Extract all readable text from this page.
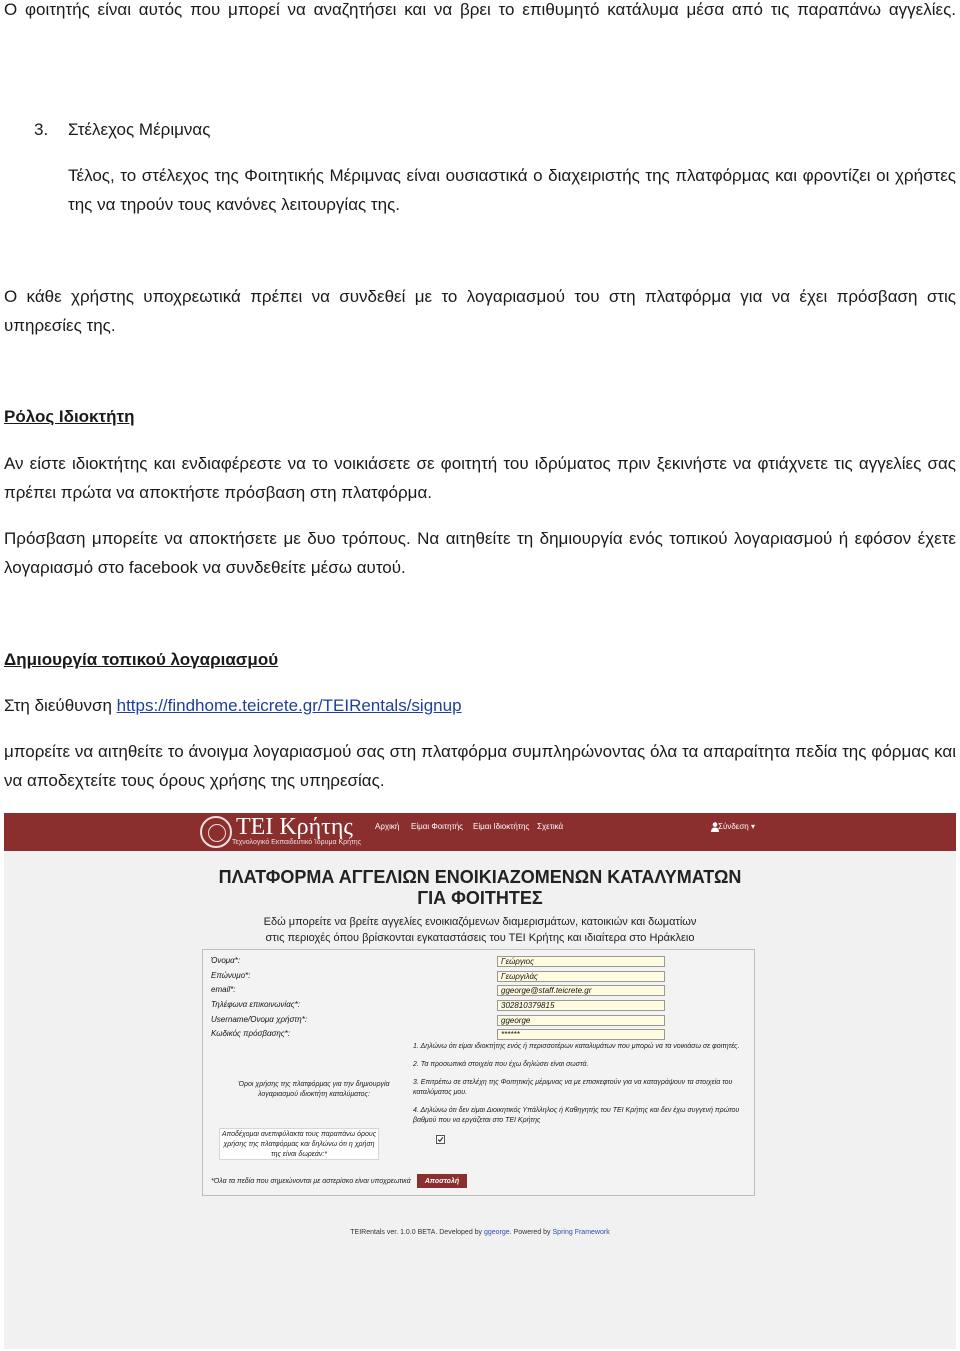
Ο φοιτητής είναι αυτός που μπορεί να αναζητήσει και να βρει το επιθυμητό κατάλυμα μέσα από τις παραπάνω αγγελίες.

3. Στέλεχος Μέριμνας

Τέλος, το στέλεχος της Φοιτητικής Μέριμνας είναι ουσιαστικά ο διαχειριστής της πλατφόρμας και φροντίζει οι χρήστες της να τηρούν τους κανόνες λειτουργίας της.

Ο κάθε χρήστης υποχρεωτικά πρέπει να συνδεθεί με το λογαριασμού του στη πλατφόρμα για να έχει πρόσβαση στις υπηρεσίες της.

Ρόλος Ιδιοκτήτη

Αν είστε ιδιοκτήτης και ενδιαφέρεστε να το νοικιάσετε σε φοιτητή του ιδρύματος πριν ξεκινήστε να φτιάχνετε τις αγγελίες σας πρέπει πρώτα να αποκτήστε πρόσβαση στη πλατφόρμα.

Πρόσβαση μπορείτε να αποκτήσετε με δυο τρόπους. Να αιτηθείτε τη δημιουργία ενός τοπικού λογαριασμού ή εφόσον έχετε λογαριασμό στο facebook να συνδεθείτε μέσω αυτού.

Δημιουργία τοπικού λογαριασμού

Στη διεύθυνση https://findhome.teicrete.gr/TEIRentals/signup

μπορείτε να αιτηθείτε το άνοιγμα λογαριασμού σας στη πλατφόρμα συμπληρώνοντας όλα τα απαραίτητα πεδία της φόρμας και να αποδεχτείτε τους όρους χρήσης της υπηρεσίας.

ΤΕΙ Κρήτης
Τεχνολογικό Εκπαιδευτικό Ίδρυμα Κρήτης
Αρχική Είμαι Φοιτητής Είμαι Ιδιοκτήτης Σχετικά	Σύνδεση ▾
ΠΛΑΤΦΟΡΜΑ ΑΓΓΕΛΙΩΝ ΕΝΟΙΚΙΑΖΟΜΕΝΩΝ ΚΑΤΑΛΥΜΑΤΩΝ
ΓΙΑ ΦΟΙΤΗΤΕΣ
Εδώ μπορείτε να βρείτε αγγελίες ενοικιαζόμενων διαμερισμάτων, κατοικιών και δωματίων
στις περιοχές όπου βρίσκονται εγκαταστάσεις του ΤΕΙ Κρήτης και ιδιαίτερα στο Ηράκλειο
Όνομα*:
Επώνυμο*:
email*:
Τηλέφωνα επικοινωνίας*:
Username/Όνομα χρήστη*:
Κωδικός πρόσβασης*:
Γεώργιος
Γεωργιλάς
ggeorge@staff.teicrete.gr
302810379815
ggeorge
******
Όροι χρήσης της πλατφόρμας για την δημιουργία λογαριασμού ιδιοκτήτη καταλύματος:
1. Δηλώνω ότι είμαι ιδιοκτήτης ενός ή περισσοτέρων καταλυμάτων που μπορώ να τα νοικιάσω σε φοιτητές.
2. Τα προσωπικά στοιχεία που έχω δηλώσει είναι σωστά.
3. Επιτρέπω σε στελέχη της Φοιτητικής μέριμνας να με επισκεφτούν για να καταγράψουν τα στοιχεία του καταλύματος μου.
4. Δηλώνω ότι δεν είμαι Διοικητικός Υπάλληλος ή Καθηγητής του ΤΕΙ Κρήτης και δεν έχω συγγενή πρώτου βαθμού που να εργάζεται στο ΤΕΙ Κρήτης
Αποδέχομαι ανεπιφύλακτα τους παραπάνω όρους χρήσης της πλατφόρμας και δηλώνω ότι η χρήση της είναι δωρεάν:*
*Όλα τα πεδία που σημειώνονται με αστερίσκο είναι υποχρεωτικά	Αποστολή
TEIRentals ver. 1.0.0 BETA. Developed by ggeorge. Powered by Spring Framework
